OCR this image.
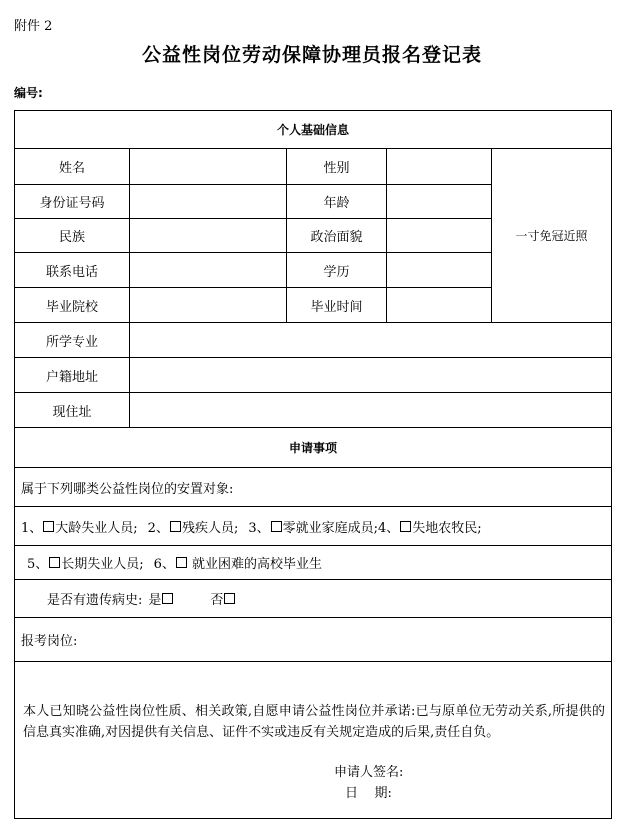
附件 2
公益性岗位劳动保障协理员报名登记表
编号:
个人基础信息
姓名	性别
身份证号码	年龄
民族	政治面貌
联系电话	学历
毕业院校	毕业时间
一寸免冠近照
所学专业
户籍地址
现住址
申请事项
属于下列哪类公益性岗位的安置对象:
1、 大龄失业人员; 2、 残疾人员; 3、 零就业家庭成员; 4、 失地农牧民;
5、 长期失业人员; 6、 就业困难的高校毕业生
是否有遗传病史: 是	否
报考岗位:
本人已知晓公益性岗位性质、相关政策,自愿申请公益性岗位并承诺:已与原单位无劳动关系,所提供的信息真实准确,对因提供有关信息、证件不实或违反有关规定造成的后果,责任自负。
申请人签名:
日    期:
